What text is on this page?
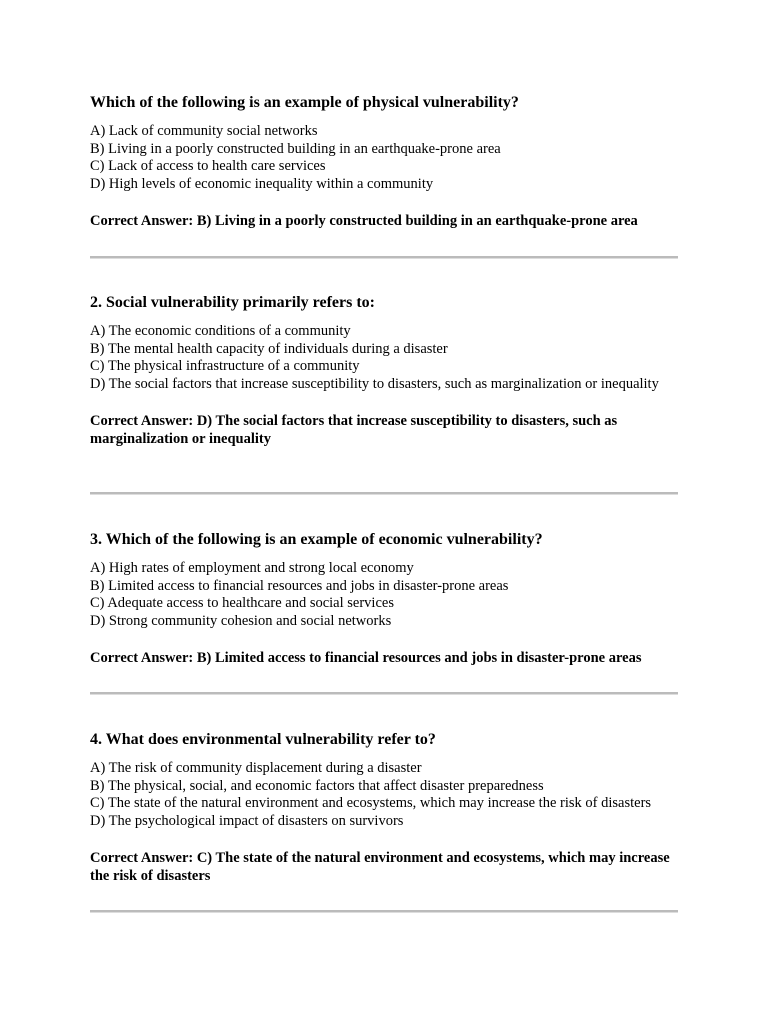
Which of the following is an example of physical vulnerability?
A) Lack of community social networks
B) Living in a poorly constructed building in an earthquake-prone area
C) Lack of access to health care services
D) High levels of economic inequality within a community
Correct Answer: B) Living in a poorly constructed building in an earthquake-prone area
2. Social vulnerability primarily refers to:
A) The economic conditions of a community
B) The mental health capacity of individuals during a disaster
C) The physical infrastructure of a community
D) The social factors that increase susceptibility to disasters, such as marginalization or inequality
Correct Answer: D) The social factors that increase susceptibility to disasters, such as marginalization or inequality
3. Which of the following is an example of economic vulnerability?
A) High rates of employment and strong local economy
B) Limited access to financial resources and jobs in disaster-prone areas
C) Adequate access to healthcare and social services
D) Strong community cohesion and social networks
Correct Answer: B) Limited access to financial resources and jobs in disaster-prone areas
4. What does environmental vulnerability refer to?
A) The risk of community displacement during a disaster
B) The physical, social, and economic factors that affect disaster preparedness
C) The state of the natural environment and ecosystems, which may increase the risk of disasters
D) The psychological impact of disasters on survivors
Correct Answer: C) The state of the natural environment and ecosystems, which may increase the risk of disasters
